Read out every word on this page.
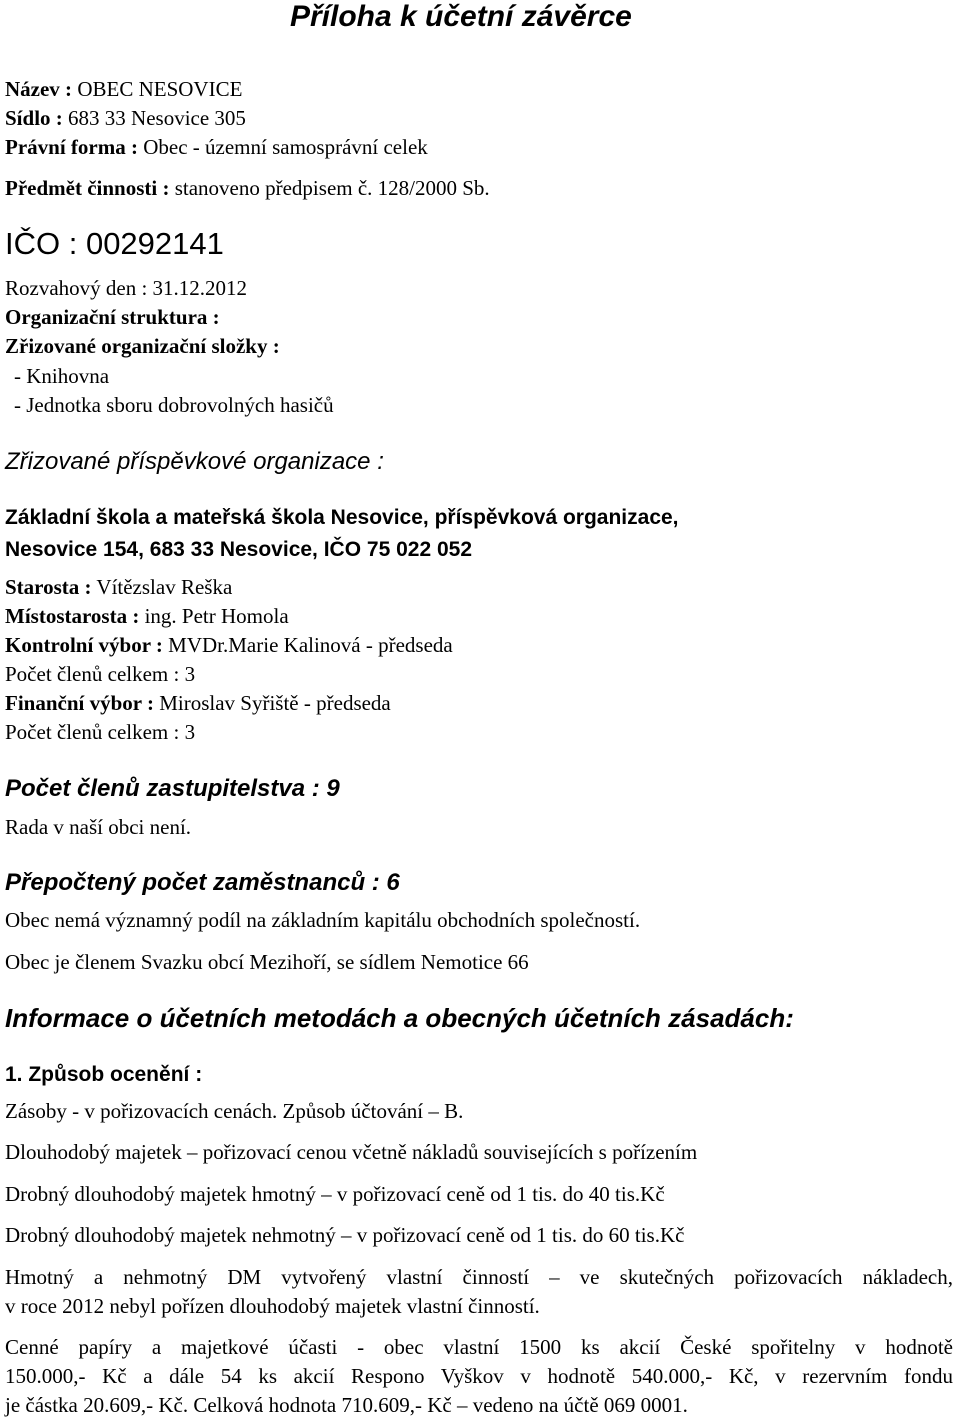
Příloha k účetní závěrce
Název : OBEC NESOVICE
Sídlo : 683 33 Nesovice 305
Právní forma : Obec - územní samosprávní celek
Předmět činnosti : stanoveno předpisem č. 128/2000 Sb.
IČO : 00292141
Rozvahový den : 31.12.2012
Organizační struktura :
Zřizované organizační složky :
- Knihovna
- Jednotka sboru dobrovolných hasičů
Zřizované příspěvkové organizace :
Základní škola a mateřská škola Nesovice, příspěvková organizace,
Nesovice 154, 683 33 Nesovice, IČO 75 022 052
Starosta : Vítězslav Reška
Místostarosta : ing. Petr Homola
Kontrolní výbor : MVDr.Marie Kalinová - předseda
Počet členů celkem : 3
Finanční výbor : Miroslav Syřiště - předseda
Počet členů celkem : 3
Počet členů zastupitelstva : 9
Rada v naší obci není.
Přepočtený počet zaměstnanců : 6
Obec nemá významný podíl na základním kapitálu obchodních společností.
Obec je členem Svazku obcí Mezihoří, se sídlem Nemotice 66
Informace o účetních metodách a obecných účetních zásadách:
1. Způsob ocenění :
Zásoby - v pořizovacích cenách. Způsob účtování – B.
Dlouhodobý majetek – pořizovací cenou včetně nákladů souvisejících s pořízením
Drobný dlouhodobý majetek hmotný – v pořizovací ceně od 1 tis. do 40 tis.Kč
Drobný dlouhodobý majetek nehmotný – v pořizovací ceně od 1 tis. do 60 tis.Kč
Hmotný a nehmotný DM vytvořený vlastní činností – ve skutečných pořizovacích nákladech,
v roce 2012 nebyl pořízen dlouhodobý majetek vlastní činností.
Cenné papíry a majetkové účasti - obec vlastní 1500 ks akcií České spořitelny v hodnotě
150.000,- Kč a dále 54 ks akcií Respono Vyškov v hodnotě 540.000,- Kč, v rezervním fondu
je částka 20.609,- Kč. Celková hodnota 710.609,- Kč – vedeno na účtě 069 0001.
